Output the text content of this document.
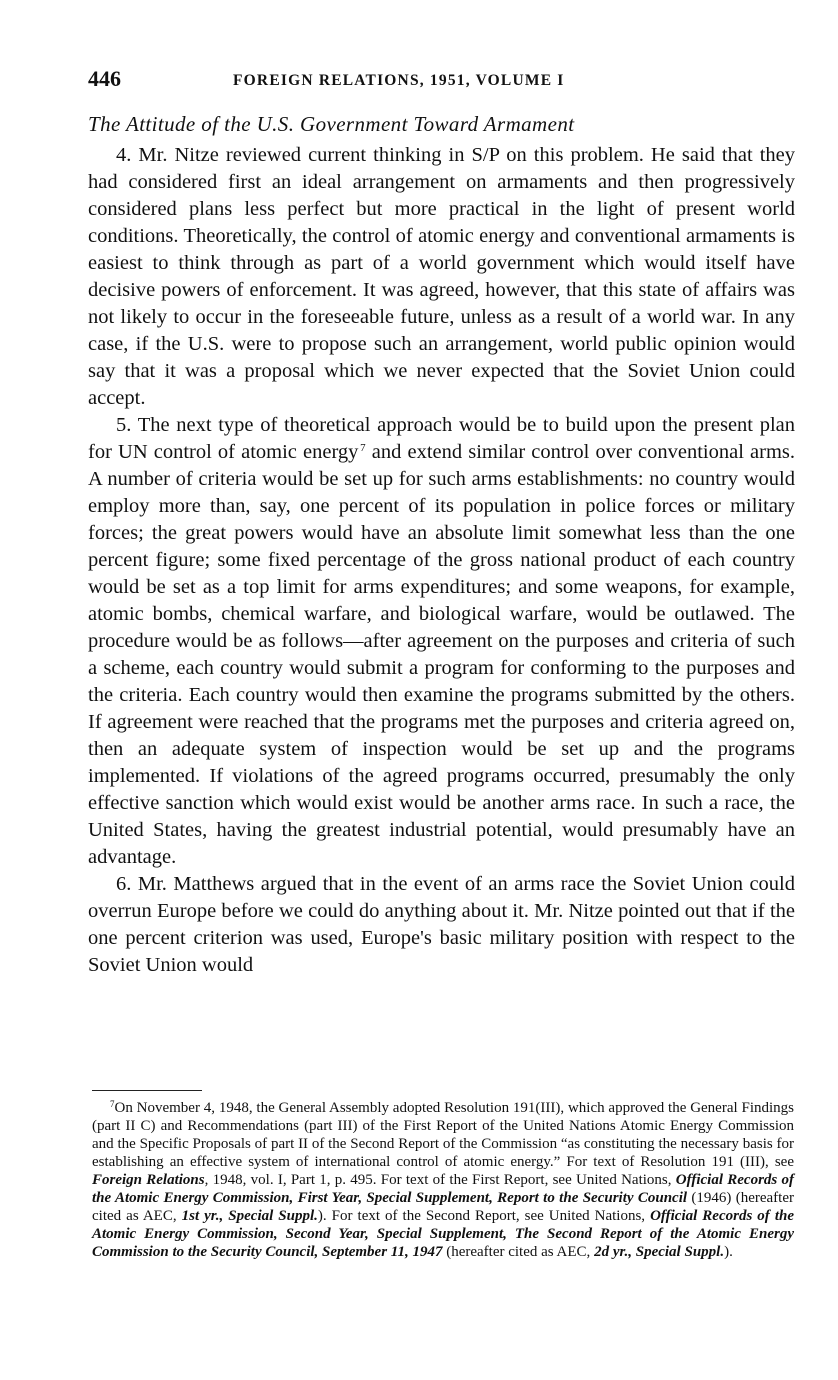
446	FOREIGN RELATIONS, 1951, VOLUME I
The Attitude of the U.S. Government Toward Armament

4. Mr. Nitze reviewed current thinking in S/P on this problem. He said that they had considered first an ideal arrangement on armaments and then progressively considered plans less perfect but more practical in the light of present world conditions. Theoretically, the control of atomic energy and conventional armaments is easiest to think through as part of a world government which would itself have decisive powers of enforcement. It was agreed, however, that this state of affairs was not likely to occur in the foreseeable future, unless as a result of a world war. In any case, if the U.S. were to propose such an arrangement, world public opinion would say that it was a proposal which we never expected that the Soviet Union could accept.

5. The next type of theoretical approach would be to build upon the present plan for UN control of atomic energy  $^7$ and extend similar control over conventional arms. A number of criteria would be set up for such arms establishments: no country would employ more than, say, one percent of its population in police forces or military forces; the great powers would have an absolute limit somewhat less than the one percent figure; some fixed percentage of the gross national product of each country would be set as a top limit for arms expenditures; and some weapons, for example, atomic bombs, chemical warfare, and biological warfare, would be outlawed. The procedure would be as follows—after agreement on the purposes and criteria of such a scheme, each country would submit a program for conforming to the purposes and the criteria. Each country would then examine the programs submitted by the others. If agreement were reached that the programs met the purposes and criteria agreed on, then an adequate system of inspection would be set up and the programs implemented. If violations of the agreed programs occurred, presumably the only effective sanction which would exist would be another arms race. In such a race, the United States, having the greatest industrial potential, would presumably have an advantage.

6. Mr. Matthews argued that in the event of an arms race the Soviet Union could overrun Europe before we could do anything about it. Mr. Nitze pointed out that if the one percent criterion was used, Europe's basic military position with respect to the Soviet Union would

$^7$On November 4, 1948, the General Assembly adopted Resolution 191(III), which approved the General Findings (part II C) and Recommendations (part III) of the First Report of the United Nations Atomic Energy Commission and the Specific Proposals of part II of the Second Report of the Commission “as constituting the necessary basis for establishing an effective system of international control of atomic energy.” For text of Resolution 191 (III), see Foreign Relations, 1948, vol. I, Part 1, p. 495. For text of the First Report, see United Nations, Official Records of the Atomic Energy Commission, First Year, Special Supplement, Report to the Security Council (1946) (hereafter cited as AEC, 1st yr., Special Suppl.). For text of the Second Report, see United Nations, Official Records of the Atomic Energy Commission, Second Year, Special Supplement, The Second Report of the Atomic Energy Commission to the Security Council, September 11, 1947 (hereafter cited as AEC, 2d yr., Special Suppl.).
